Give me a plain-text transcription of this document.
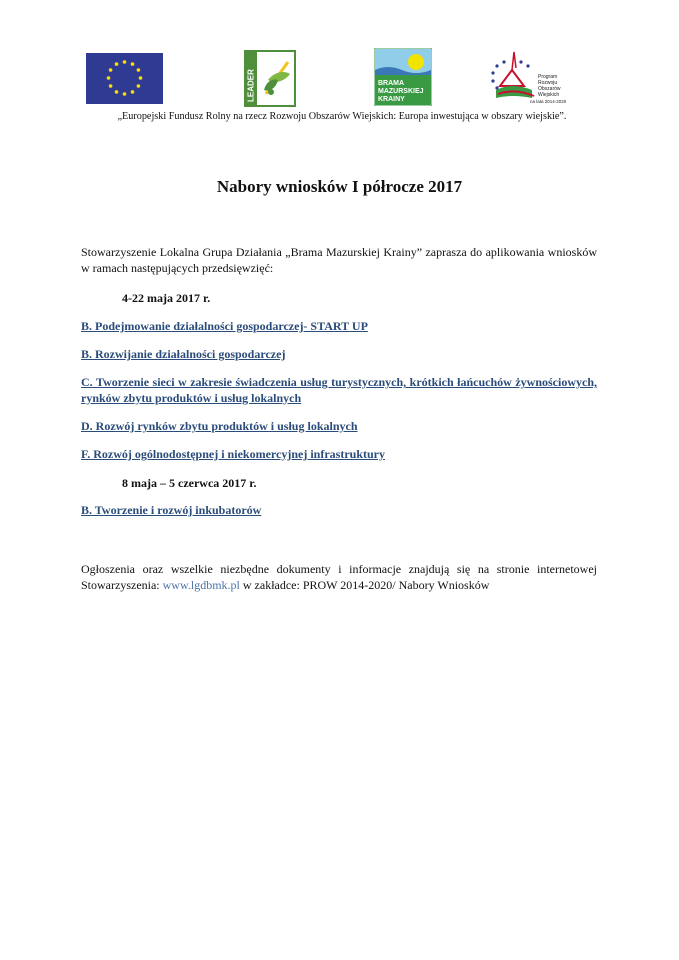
LEADER	BRAMA
MAZURSKIEJ
KRAINY
Program
Rozwoju
Obszarów
Wiejskich
na lata 2014-2020
„Europejski Fundusz Rolny na rzecz Rozwoju Obszarów Wiejskich: Europa inwestująca w obszary wiejskie”.
Nabory wniosków I półrocze 2017
Stowarzyszenie Lokalna Grupa Działania „Brama Mazurskiej Krainy” zaprasza do aplikowania wniosków w ramach następujących przedsięwzięć:
4-22 maja 2017 r.
B. Podejmowanie działalności gospodarczej- START UP
B. Rozwijanie działalności gospodarczej
C. Tworzenie sieci w zakresie świadczenia usług turystycznych, krótkich łańcuchów żywnościowych, rynków zbytu produktów i usług lokalnych
D. Rozwój rynków zbytu produktów i usług lokalnych
F. Rozwój ogólnodostępnej i niekomercyjnej infrastruktury
8 maja – 5 czerwca 2017 r.
B. Tworzenie i rozwój inkubatorów
Ogłoszenia oraz wszelkie niezbędne dokumenty i informacje znajdują się na stronie internetowej Stowarzyszenia: www.lgdbmk.pl w zakładce: PROW 2014-2020/ Nabory Wniosków
